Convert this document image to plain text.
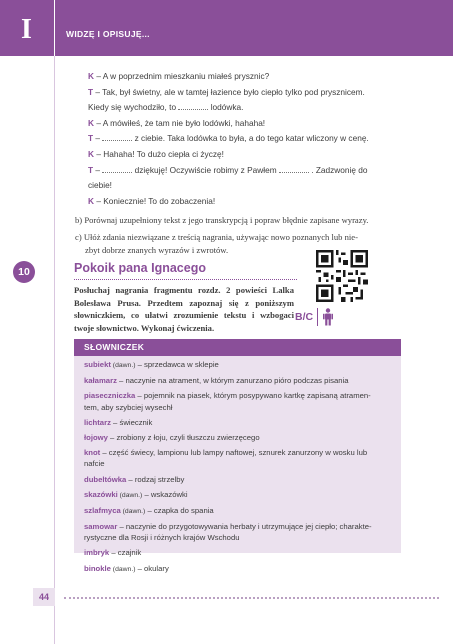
I	WIDZĘ I OPISUJĘ...
K – A w poprzednim mieszkaniu miałeś prysznic?
T – Tak, był świetny, ale w tamtej łazience było ciepło tylko pod prysznicem.
Kiedy się wychodziło, to	lodówka.
K – A mówiłeś, że tam nie było lodówki, hahaha!
T –	z ciebie. Taka lodówka to była, a do tego katar wliczony w cenę.
K – Hahaha! To dużo ciepła ci życzę!
T –	dziękuję! Oczywiście robimy z Pawłem	. Zadzwonię do
ciebie!
K – Koniecznie! To do zobaczenia!
b) Porównaj uzupełniony tekst z jego transkrypcją i popraw błędnie zapisane wyrazy.
c) Ułóż zdania niezwiązane z treścią nagrania, używając nowo poznanych lub nie-
zbyt dobrze znanych wyrazów i zwrotów.
10	Pokoik pana Ignacego
Posłuchaj nagrania fragmentu rozdz. 2 powieści Lalka Bolesława Prusa. Przedtem zapoznaj się z poniższym słowniczkiem, co ułatwi zrozumienie tekstu i wzbogaci twoje słownictwo. Wykonaj ćwiczenia.
B/C
SŁOWNICZEK
subiekt (dawn.) – sprzedawca w sklepie
kałamarz – naczynie na atrament, w którym zanurzano pióro podczas pisania
piaseczniczka – pojemnik na piasek, którym posypywano kartkę zapisaną atramen-
tem, aby szybciej wysechł
lichtarz – świecznik
łojowy – zrobiony z łoju, czyli tłuszczu zwierzęcego
knot – część świecy, lampionu lub lampy naftowej, sznurek zanurzony w wosku lub
nafcie
dubeltówka – rodzaj strzelby
skazówki (dawn.) – wskazówki
szlafmyca (dawn.) – czapka do spania
samowar – naczynie do przygotowywania herbaty i utrzymujące jej ciepło; charakte-
rystyczne dla Rosji i różnych krajów Wschodu
imbryk – czajnik
binokle (dawn.) – okulary
44
